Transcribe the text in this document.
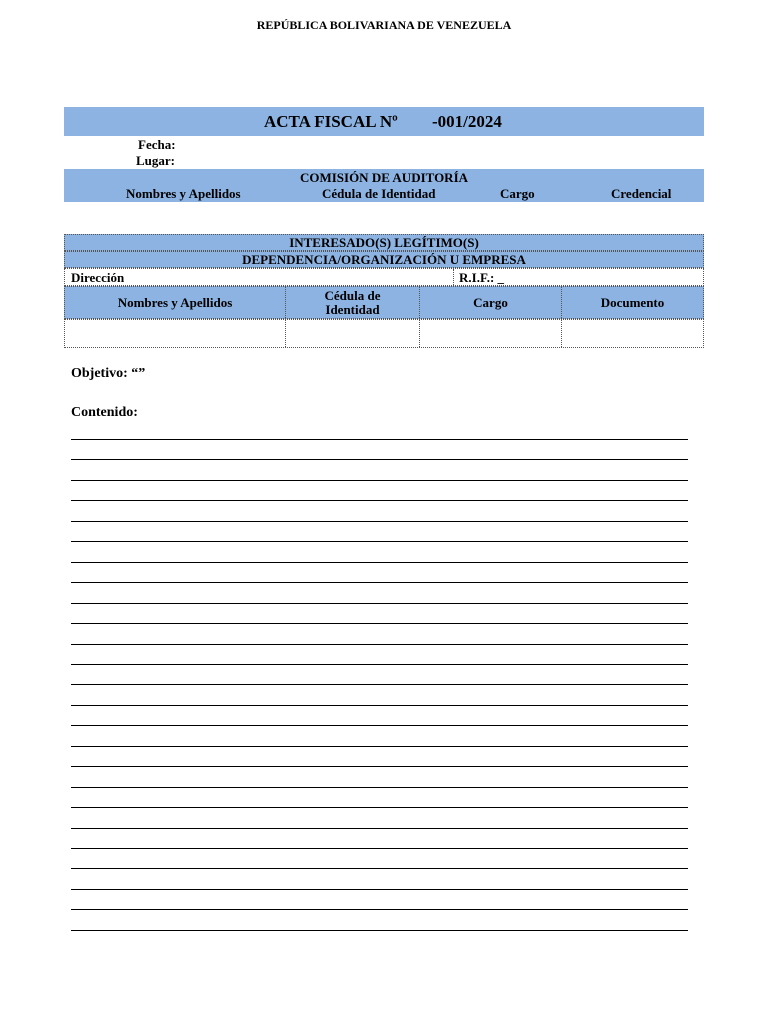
REPÚBLICA BOLIVARIANA DE VENEZUELA
ACTA FISCAL Nº -001/2024
Fecha:
Lugar:
COMISIÓN DE AUDITORÍA
Nombres y Apellidos	Cédula de Identidad	Cargo	Credencial
INTERESADO(S) LEGÍTIMO(S)
DEPENDENCIA/ORGANIZACIÓN U EMPRESA
Dirección	R.I.F.: _
Nombres y Apellidos	Cédula de Identidad	Cargo	Documento
Objetivo: “”
Contenido:
